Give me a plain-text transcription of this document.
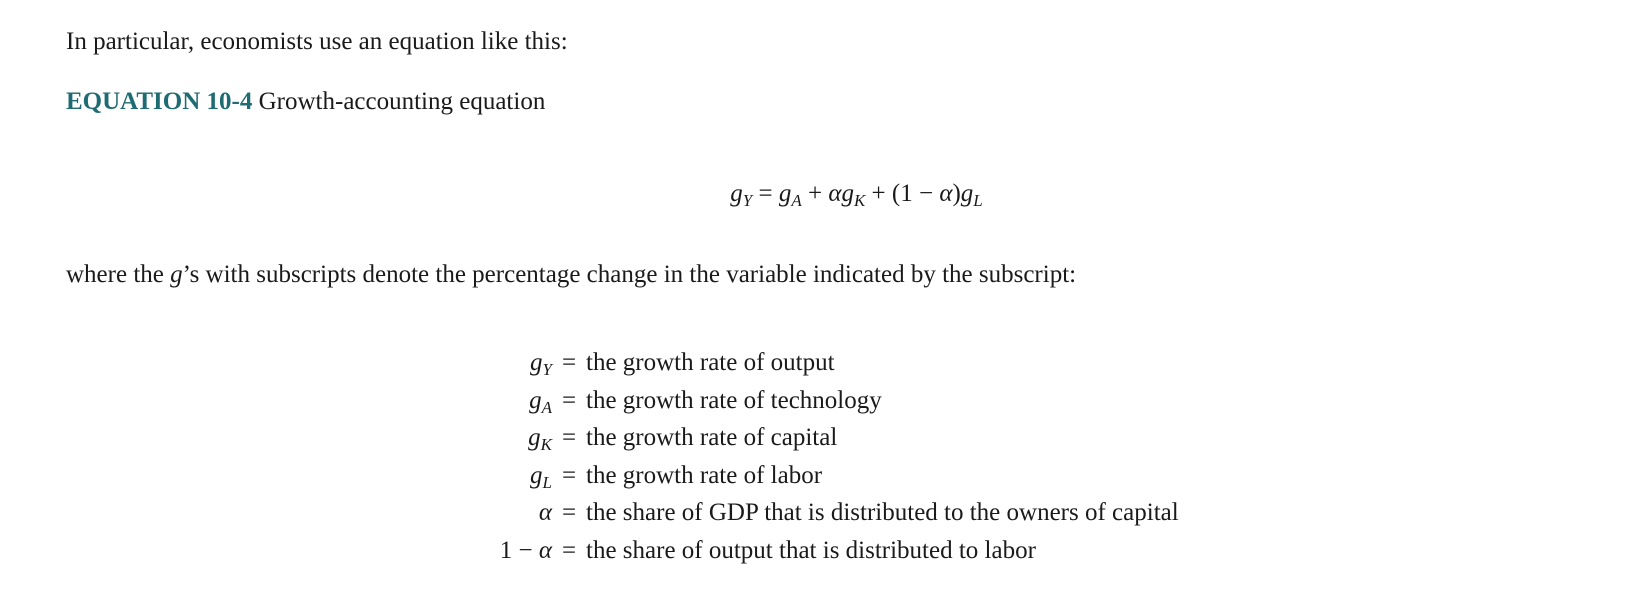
In particular, economists use an equation like this:
EQUATION 10-4 Growth-accounting equation
$g_Y = g_A + \alpha g_K + (1 - \alpha)g_L$
where the g’s with subscripts denote the percentage change in the variable indicated by the subscript:
$g_Y$ = the growth rate of output
$g_A$ = the growth rate of technology
$g_K$ = the growth rate of capital
$g_L$ = the growth rate of labor
α = the share of GDP that is distributed to the owners of capital
1 − α = the share of output that is distributed to labor
